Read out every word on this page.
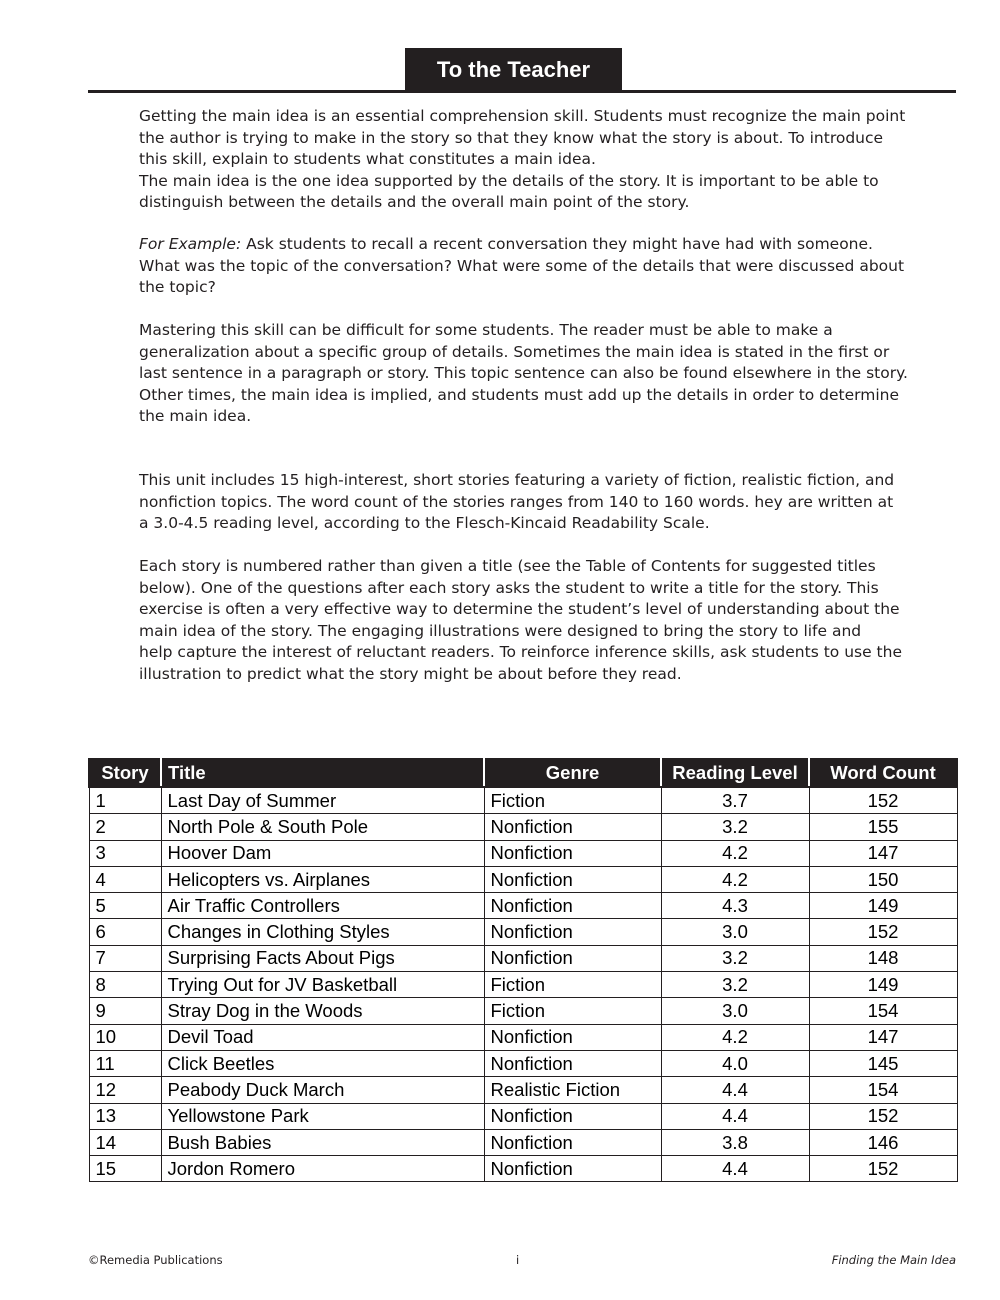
To the Teacher

Getting the main idea is an essential comprehension skill. Students must recognize the main point
the author is trying to make in the story so that they know what the story is about. To introduce
this skill, explain to students what constitutes a main idea.
The main idea is the one idea supported by the details of the story. It is important to be able to
distinguish between the details and the overall main point of the story.

For Example: Ask students to recall a recent conversation they might have had with someone.
What was the topic of the conversation? What were some of the details that were discussed about
the topic?

Mastering this skill can be difficult for some students. The reader must be able to make a
generalization about a specific group of details. Sometimes the main idea is stated in the first or
last sentence in a paragraph or story. This topic sentence can also be found elsewhere in the story.
Other times, the main idea is implied, and students must add up the details in order to determine
the main idea.

This unit includes 15 high-interest, short stories featuring a variety of fiction, realistic fiction, and
nonfiction topics. The word count of the stories ranges from 140 to 160 words. hey are written at
a 3.0-4.5 reading level, according to the Flesch-Kincaid Readability Scale.

Each story is numbered rather than given a title (see the Table of Contents for suggested titles
below). One of the questions after each story asks the student to write a title for the story. This
exercise is often a very effective way to determine the student’s level of understanding about the
main idea of the story. The engaging illustrations were designed to bring the story to life and
help capture the interest of reluctant readers. To reinforce inference skills, ask students to use the
illustration to predict what the story might be about before they read.

Story	Title	Genre	Reading Level	Word Count
1	Last Day of Summer	Fiction	3.7	152
2	North Pole & South Pole	Nonfiction	3.2	155
3	Hoover Dam	Nonfiction	4.2	147
4	Helicopters vs. Airplanes	Nonfiction	4.2	150
5	Air Traffic Controllers	Nonfiction	4.3	149
6	Changes in Clothing Styles	Nonfiction	3.0	152
7	Surprising Facts About Pigs	Nonfiction	3.2	148
8	Trying Out for JV Basketball	Fiction	3.2	149
9	Stray Dog in the Woods	Fiction	3.0	154
10	Devil Toad	Nonfiction	4.2	147
11	Click Beetles	Nonfiction	4.0	145
12	Peabody Duck March	Realistic Fiction	4.4	154
13	Yellowstone Park	Nonfiction	4.4	152
14	Bush Babies	Nonfiction	3.8	146
15	Jordon Romero	Nonfiction	4.4	152
©Remedia Publications	i	Finding the Main Idea
